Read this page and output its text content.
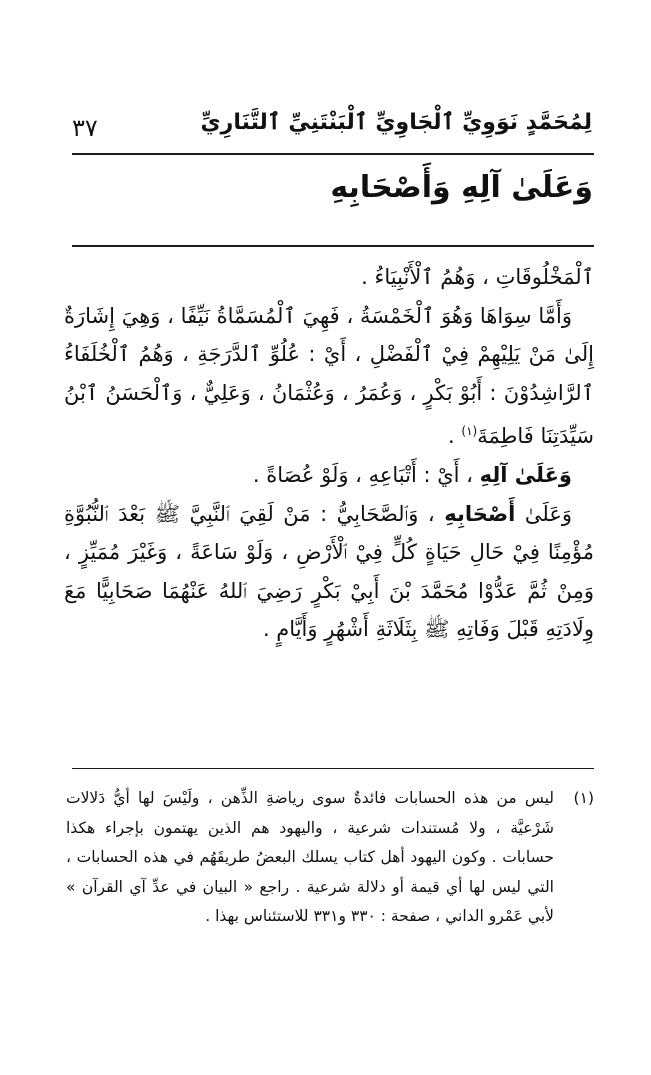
٣٧	لِمُحَمَّدٍ نَوَوِيِّ ٱلْجَاوِيِّ ٱلْبَنْتَنِيِّ ٱلتَّنَارِيِّ
وَعَلَىٰ آلِهِ وَأَصْحَابِهِ

ٱلْمَخْلُوقَاتِ ، وَهُمُ ٱلْأَنْبِيَاءُ .

وَأَمَّا سِوَاهَا وَهُوَ ٱلْخَمْسَةُ ، فَهِيَ ٱلْمُسَمَّاةُ نَيِّفًا ، وَهِيَ إِشَارَةٌ إِلَىٰ مَنْ يَلِيْهِمْ فِيْ ٱلْفَضْلِ ، أَيْ : عُلُوِّ ٱلدَّرَجَةِ ، وَهُمُ ٱلْخُلَفَاءُ ٱلرَّاشِدُوْنَ : أَبُوْ بَكْرٍ ، وَعُمَرُ ، وَعُثْمَانُ ، وَعَلِيٌّ ، وَٱلْحَسَنُ ٱبْنُ سَيِّدَتِنَا فَاطِمَةَ$^{(١)}$ .

وَعَلَىٰ آلِهِ ، أَيْ : أَتْبَاعِهِ ، وَلَوْ عُصَاةً .

وَعَلَىٰ أَصْحَابِهِ ، وَٱلصَّحَابِيُّ : مَنْ لَقِيَ ٱلنَّبِيَّ ﷺ بَعْدَ ٱلنُّبُوَّةِ مُؤْمِنًا فِيْ حَالِ حَيَاةٍ كُلٍّ فِيْ ٱلْأَرْضِ ، وَلَوْ سَاعَةً ، وَغَيْرَ مُمَيِّزٍ ، وَمِنْ ثُمَّ عَدُّوْا مُحَمَّدَ بْنَ أَبِيْ بَكْرٍ رَضِيَ ٱللهُ عَنْهُمَا صَحَابِيًّا مَعَ وِلَادَتِهِ قَبْلَ وَفَاتِهِ ﷺ بِثَلَاثَةِ أَشْهُرٍ وَأَيَّامٍ .

(١)
ليس من هذه الحسابات فائدةٌ سوى رياضةِ الذِّهن ، ولَيْسَ لها أيُّ دَلالات شَرْعيَّة ، ولا مُستندات شرعية ، واليهود هم الذين يهتمون بإجراء هكذا حسابات . وكون اليهود أهل كتاب يسلك البعضُ طريقَهُم في هذه الحسابات ، التي ليس لها أي قيمة أو دلالة شرعية . راجع « البيان في عدِّ آي القرآن » لأبي عَمْرو الداني ، صفحة : ٣٣٠ و٣٣١ للاستئناس بهذا .
